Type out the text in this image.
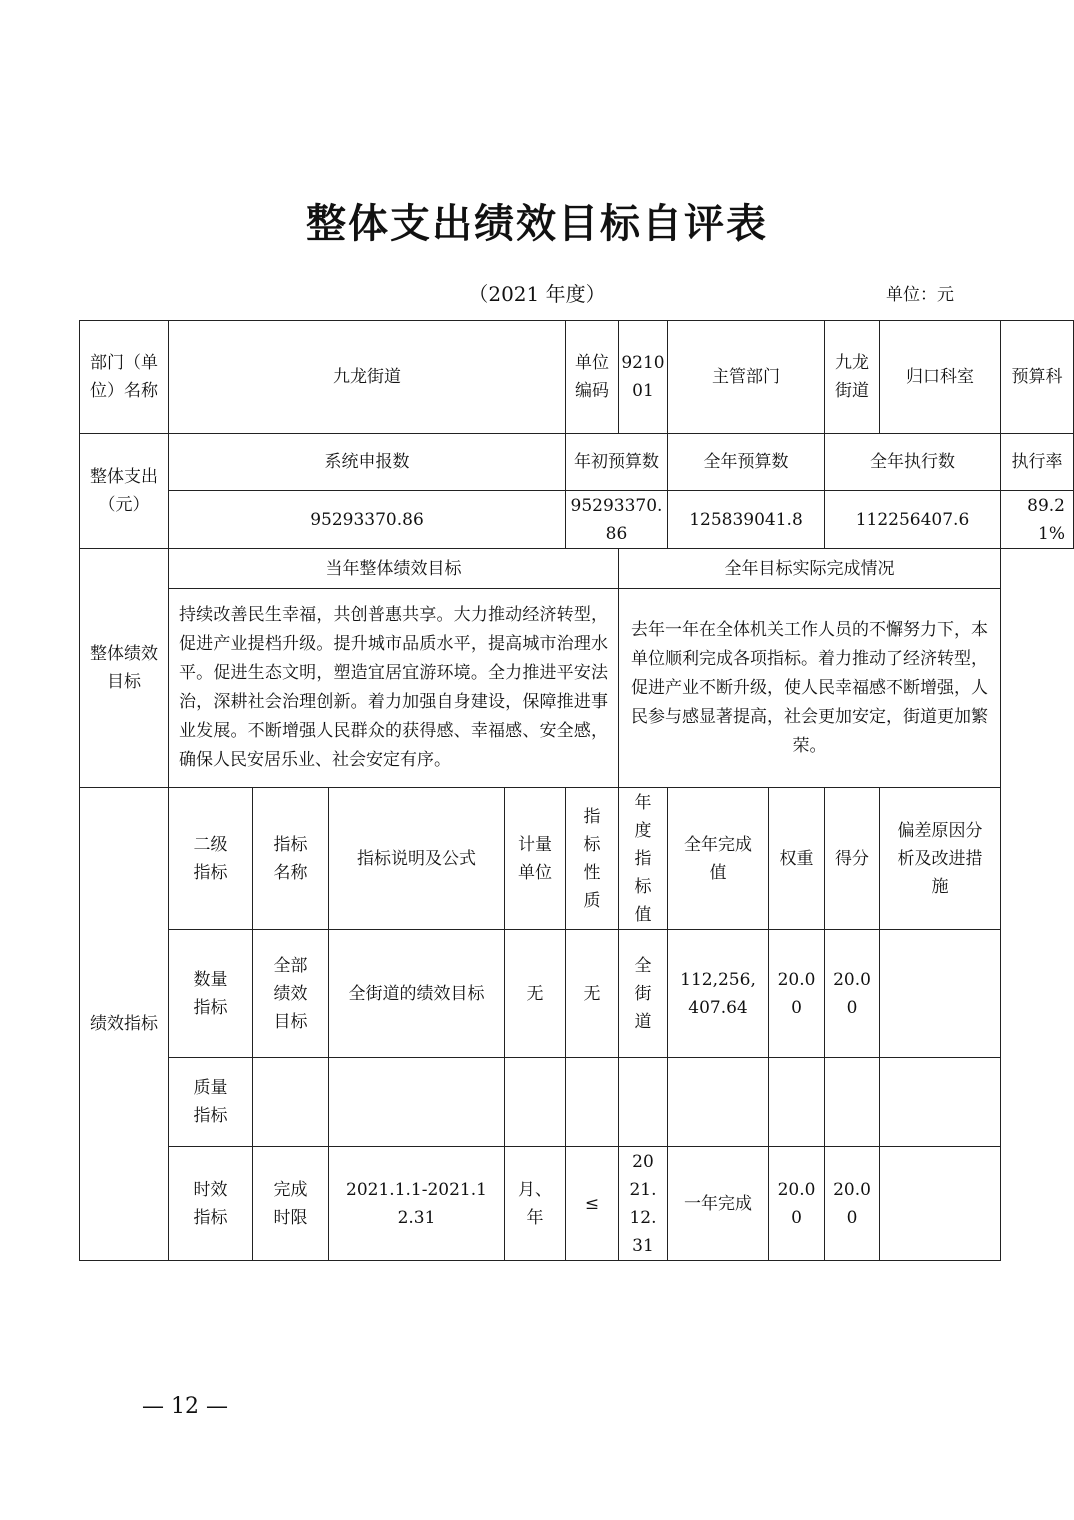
整体支出绩效目标自评表
（2021 年度）	单位：元
部门（单位）名称	九龙街道				单位编码	921001	主管部门		九龙街道	归口科室	预算科
整体支出（元）	系统申报数				年初预算数		全年预算数		全年执行数		执行率
	95293370.86				95293370.86		125839041.8		112256407.6		89.21%
整体绩效目标	当年整体绩效目标					全年目标实际完成情况					
	持续改善民生幸福，共创普惠共享。大力推动经济转型，促进产业提档升级。提升城市品质水平，提高城市治理水平。促进生态文明，塑造宜居宜游环境。全力推进平安法治，深耕社会治理创新。着力加强自身建设，保障推进事业发展。不断增强人民群众的获得感、幸福感、安全感，确保人民安居乐业、社会安定有序。					去年一年在全体机关工作人员的不懈努力下，本单位顺利完成各项指标。着力推动了经济转型，促进产业不断升级，使人民幸福感不断增强，人民参与感显著提高，社会更加安定，街道更加繁荣。					
绩效指标	二级指标	指标名称	指标说明及公式	计量单位	指标性质	年度指标值	全年完成值	权重	得分	偏差原因分析及改进措施	
	数量指标	全部绩效目标	全街道的绩效目标	无	无	全街道	112,256,407.64	20.00	20.00		
	质量指标										
	时效指标	完成时限	2021.1.1-2021.12.31	月、年	≤	2021.12.31	一年完成	20.00	20.00		
— 12 —
